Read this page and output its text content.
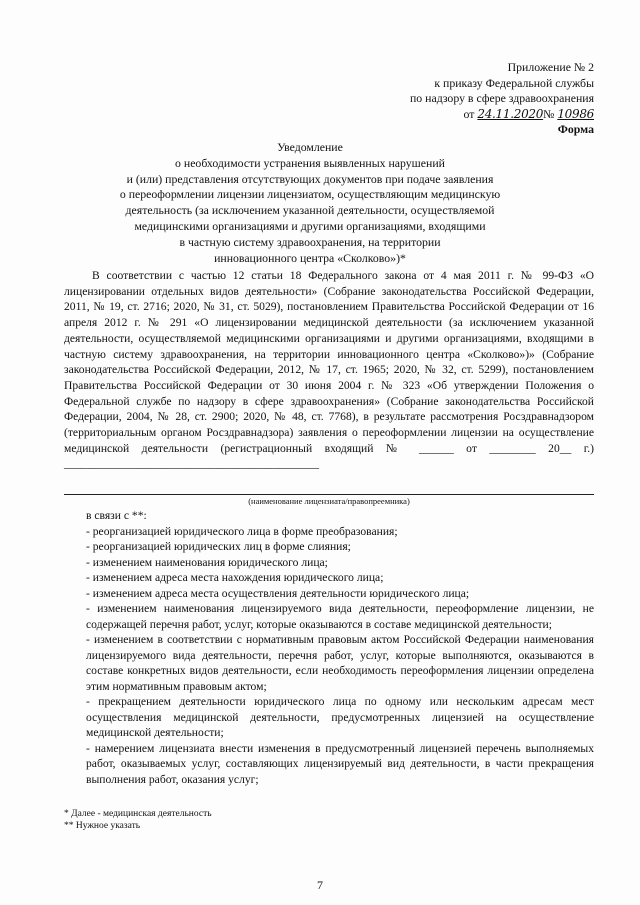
Приложение № 2
к приказу Федеральной службы
по надзору в сфере здравоохранения
от 24.11.2020№ 10986
Форма
Уведомление
о необходимости устранения выявленных нарушений
и (или) представления отсутствующих документов при подаче заявления
о переоформлении лицензии лицензиатом, осуществляющим медицинскую
деятельность (за исключением указанной деятельности, осуществляемой
медицинскими организациями и другими организациями, входящими
в частную систему здравоохранения, на территории
инновационного центра «Сколково»)*
В соответствии с частью 12 статьи 18 Федерального закона от 4 мая 2011 г. № 99-ФЗ «О лицензировании отдельных видов деятельности» (Собрание законодательства Российской Федерации, 2011, № 19, ст. 2716; 2020, № 31, ст. 5029), постановлением Правительства Российской Федерации от 16 апреля 2012 г. № 291 «О лицензировании медицинской деятельности (за исключением указанной деятельности, осуществляемой медицинскими организациями и другими организациями, входящими в частную систему здравоохранения, на территории инновационного центра «Сколково»)» (Собрание законодательства Российской Федерации, 2012, № 17, ст. 1965; 2020, № 32, ст. 5299), постановлением Правительства Российской Федерации от 30 июня 2004 г. № 323 «Об утверждении Положения о Федеральной службе по надзору в сфере здравоохранения» (Собрание законодательства Российской Федерации, 2004, № 28, ст. 2900; 2020, № 48, ст. 7768), в результате рассмотрения Росздравнадзором (территориальным органом Росздравнадзора) заявления о переоформлении лицензии на осуществление медицинской деятельности (регистрационный входящий № ______ от ________ 20__ г.) ____________________________________________
(наименование лицензиата/правопреемника)
в связи с **:
- реорганизацией юридического лица в форме преобразования;
- реорганизацией юридических лиц в форме слияния;
- изменением наименования юридического лица;
- изменением адреса места нахождения юридического лица;
- изменением адреса места осуществления деятельности юридического лица;
- изменением наименования лицензируемого вида деятельности, переоформление лицензии, не содержащей перечня работ, услуг, которые оказываются в составе медицинской деятельности;
- изменением в соответствии с нормативным правовым актом Российской Федерации наименования лицензируемого вида деятельности, перечня работ, услуг, которые выполняются, оказываются в составе конкретных видов деятельности, если необходимость переоформления лицензии определена этим нормативным правовым актом;
- прекращением деятельности юридического лица по одному или нескольким адресам мест осуществления медицинской деятельности, предусмотренных лицензией на осуществление медицинской деятельности;
- намерением лицензиата внести изменения в предусмотренный лицензией перечень выполняемых работ, оказываемых услуг, составляющих лицензируемый вид деятельности, в части прекращения выполнения работ, оказания услуг;
* Далее - медицинская деятельность
** Нужное указать
7
